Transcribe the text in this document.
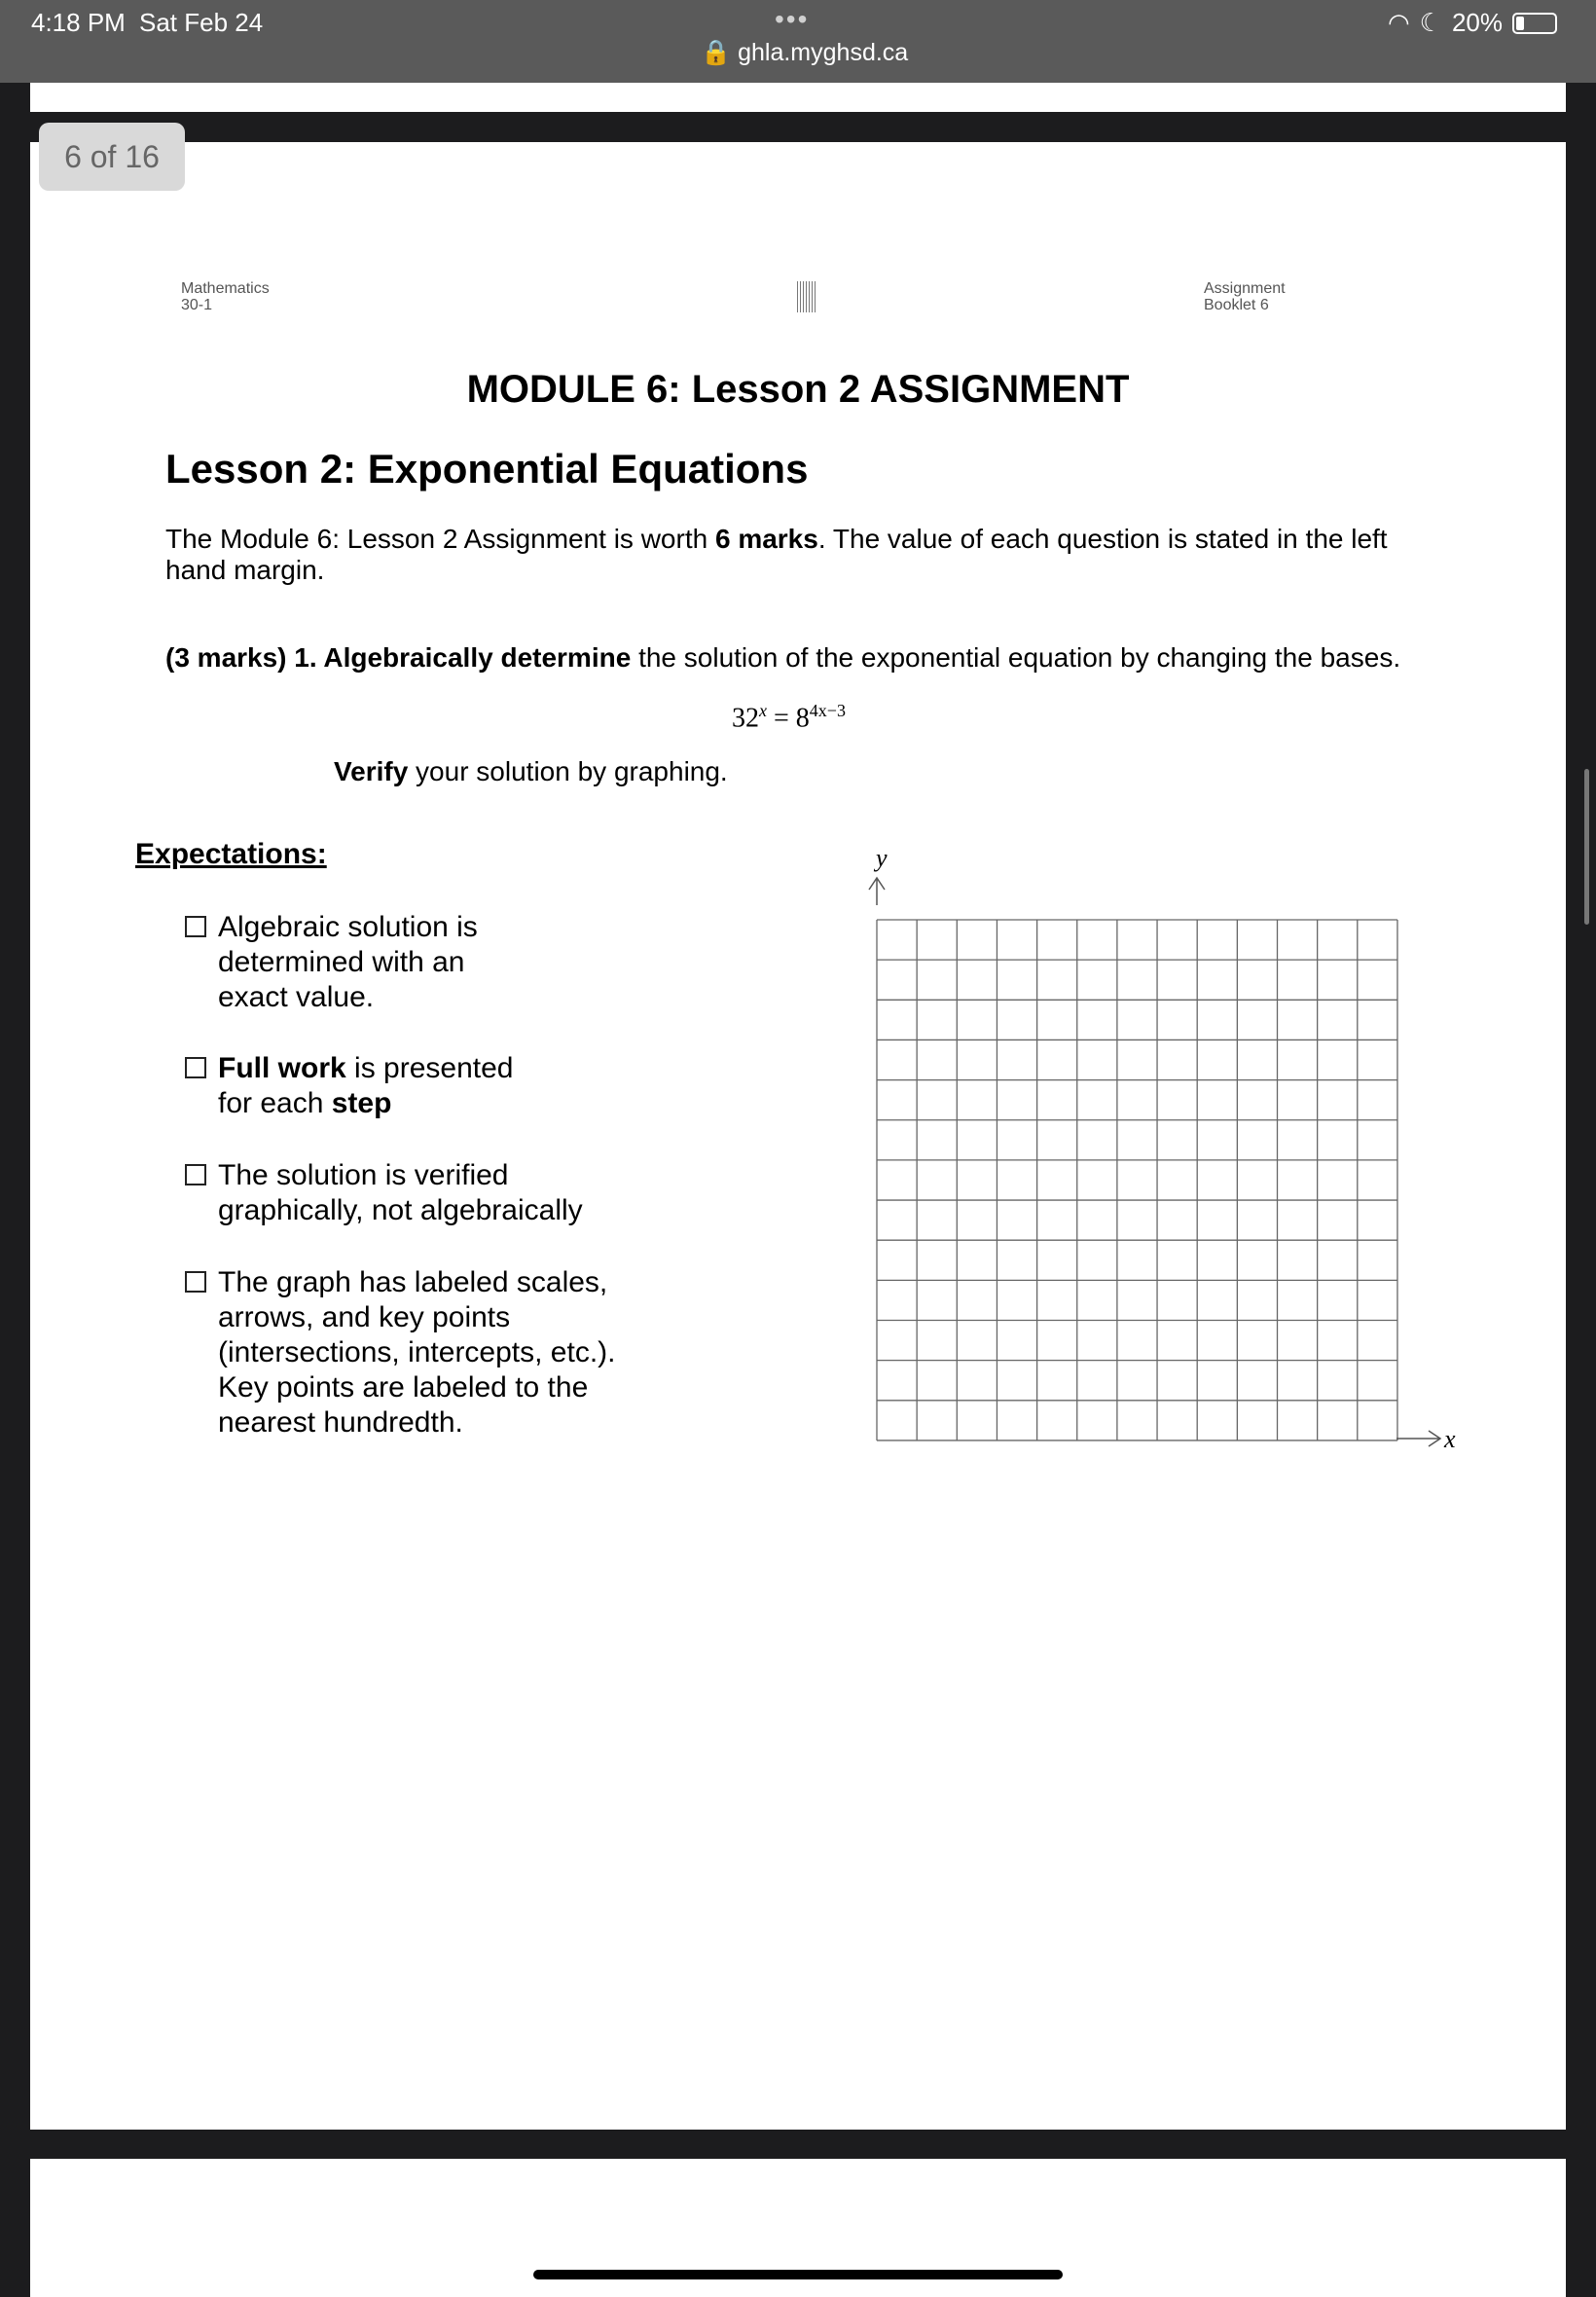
4:18 PM Sat Feb 24	•••
🔒 ghla.myghsd.ca
◠ ☾ 20%
6 of 16
Mathematics
30-1
Assignment
Booklet 6
MODULE 6: Lesson 2 ASSIGNMENT
Lesson 2: Exponential Equations
The Module 6: Lesson 2 Assignment is worth 6 marks. The value of each question is stated in the left hand margin.
(3 marks) 1. Algebraically determine the solution of the exponential equation by changing the bases.
$32^x = 8^{4x-3}$
Verify your solution by graphing.
Expectations:
Algebraic solution is
determined with an
exact value.
Full work is presented
for each step
The solution is verified
graphically, not algebraically
The graph has labeled scales,
arrows, and key points
(intersections, intercepts, etc.).
Key points are labeled to the
nearest hundredth.
y
x
